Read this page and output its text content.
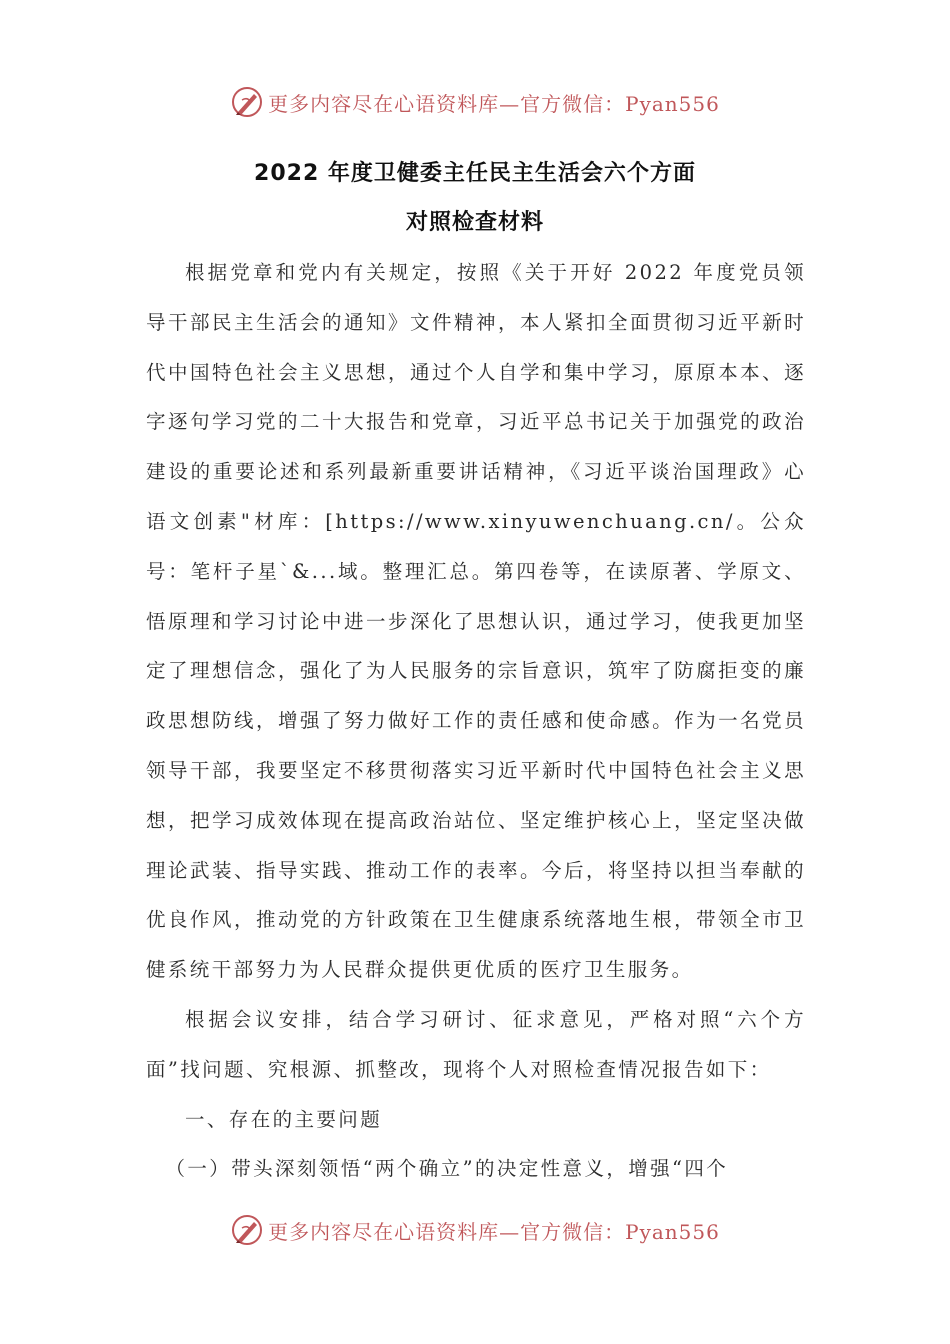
更多内容尽在心语资料库—官方微信：Pyan556
2022 年度卫健委主任民主生活会六个方面
对照检查材料

根据党章和党内有关规定，按照《关于开好 2022 年度党员领导干部民主生活会的通知》文件精神，本人紧扣全面贯彻习近平新时代中国特色社会主义思想，通过个人自学和集中学习，原原本本、逐字逐句学习党的二十大报告和党章，习近平总书记关于加强党的政治建设的重要论述和系列最新重要讲话精神，《习近平谈治国理政》心语文创素"材库：[https://www.xinyuwenchuang.cn/。公众号：笔杆子星`&...域。整理汇总。第四卷等，在读原著、学原文、悟原理和学习讨论中进一步深化了思想认识，通过学习，使我更加坚定了理想信念，强化了为人民服务的宗旨意识，筑牢了防腐拒变的廉政思想防线，增强了努力做好工作的责任感和使命感。作为一名党员领导干部，我要坚定不移贯彻落实习近平新时代中国特色社会主义思想，把学习成效体现在提高政治站位、坚定维护核心上，坚定坚决做理论武装、指导实践、推动工作的表率。今后，将坚持以担当奉献的优良作风，推动党的方针政策在卫生健康系统落地生根，带领全市卫健系统干部努力为人民群众提供更优质的医疗卫生服务。

根据会议安排，结合学习研讨、征求意见，严格对照“六个方面”找问题、究根源、抓整改，现将个人对照检查情况报告如下：

一、存在的主要问题

（一）带头深刻领悟“两个确立”的决定性意义，增强“四个

更多内容尽在心语资料库—官方微信：Pyan556
